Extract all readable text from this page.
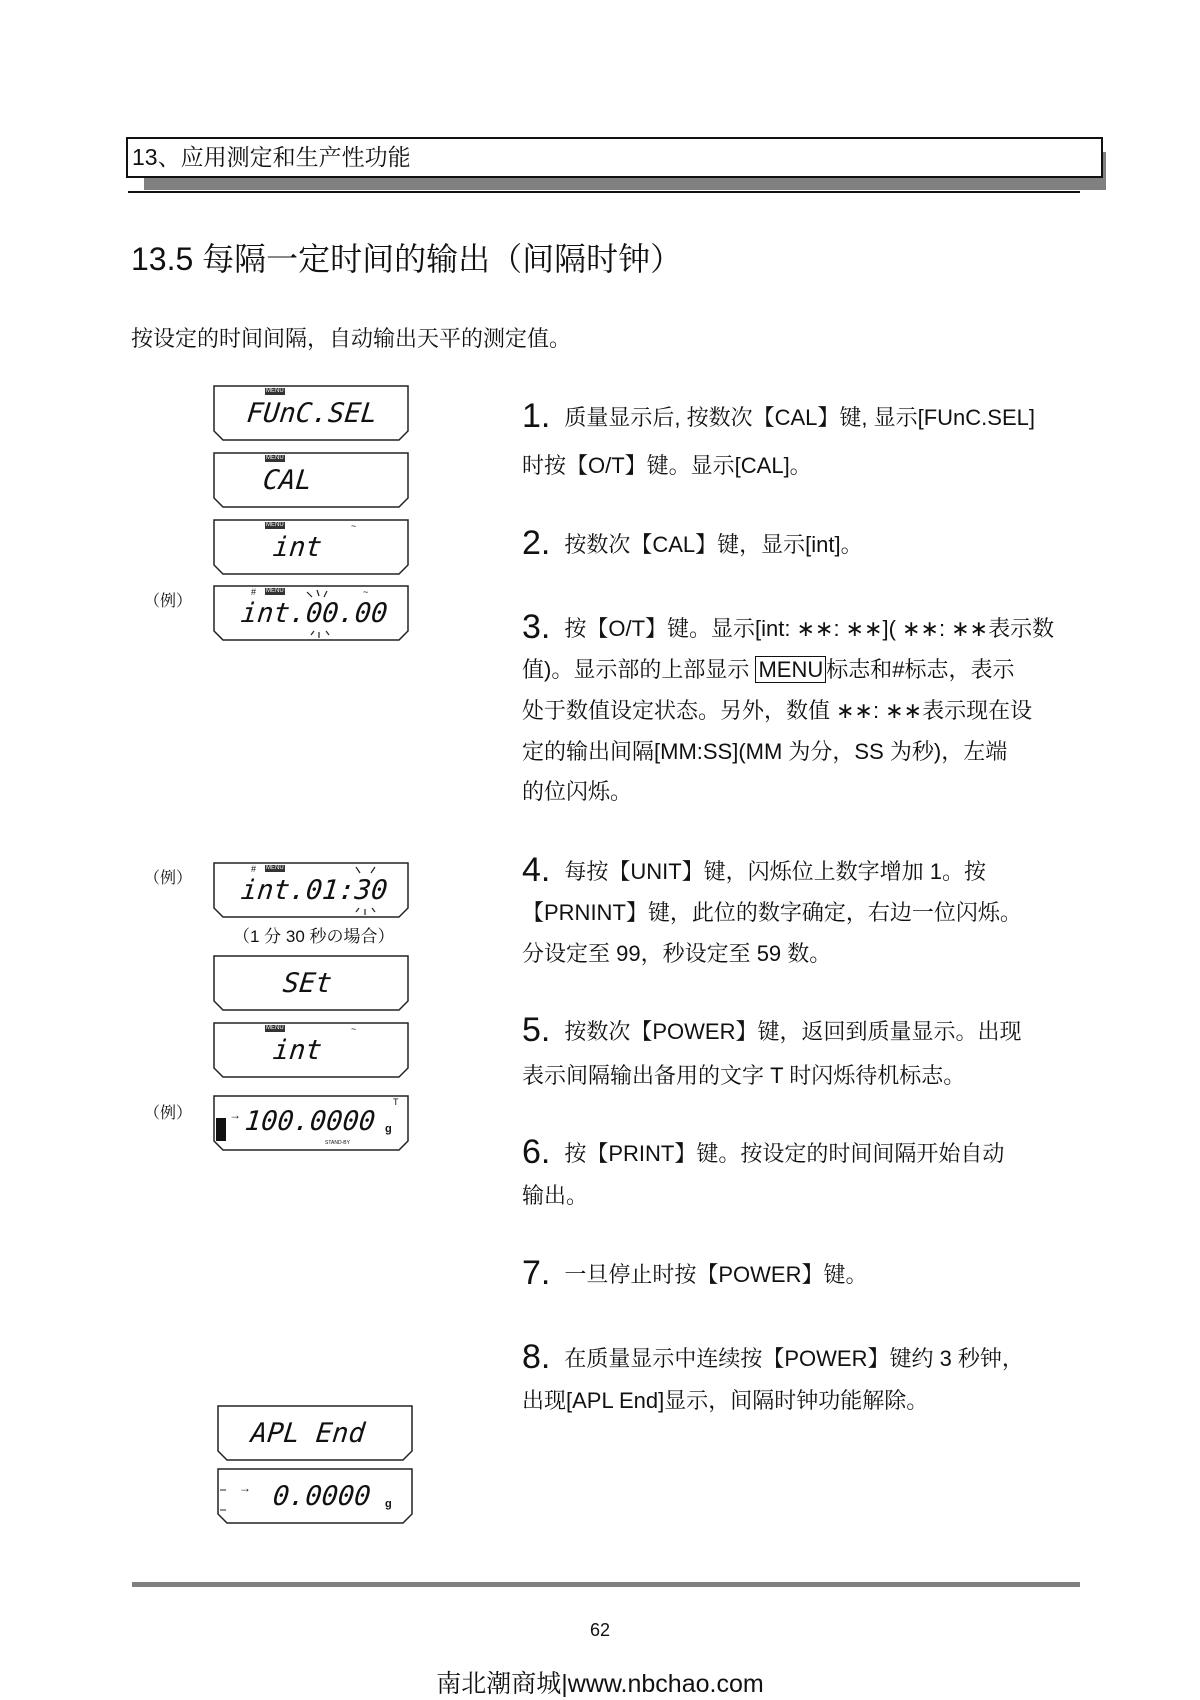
13、应用测定和生产性功能
13.5 每隔一定时间的输出（间隔时钟）
按设定的时间间隔，自动输出天平的测定值。
1. 质量显示后, 按数次【CAL】键, 显示[FUnC.SEL]
时按【O/T】键。显示[CAL]。
2. 按数次【CAL】键，显示[int]。
3. 按【O/T】键。显示[int: ∗∗: ∗∗]( ∗∗: ∗∗表示数
值)。显示部的上部显示 MENU 标志和#标志，表示
处于数值设定状态。另外，数值 ∗∗: ∗∗表示现在设
定的输出间隔[MM:SS](MM 为分，SS 为秒)，左端
的位闪烁。
4. 每按【UNIT】键，闪烁位上数字增加 1。按
【PRNINT】键，此位的数字确定，右边一位闪烁。
分设定至 99，秒设定至 59 数。
5. 按数次【POWER】键，返回到质量显示。出现
表示间隔输出备用的文字 T 时闪烁待机标志。
6. 按【PRINT】键。按设定的时间间隔开始自动
输出。
7. 一旦停止时按【POWER】键。
8. 在质量显示中连续按【POWER】键约 3 秒钟，
出现[APL End]显示，间隔时钟功能解除。
（例）
（例）
（例）
MENU
FUnC.SEL
MENU
CAL
MENU	~
int
# MENU	~
int.00.00
# MENU
int.01:30
（1 分 30 秒の場合）
SEt
MENU	~
int
→
T
100.0000 g
STAND-BY
APL End
→ 0.0000 g
62
南北潮商城|www.nbchao.com
